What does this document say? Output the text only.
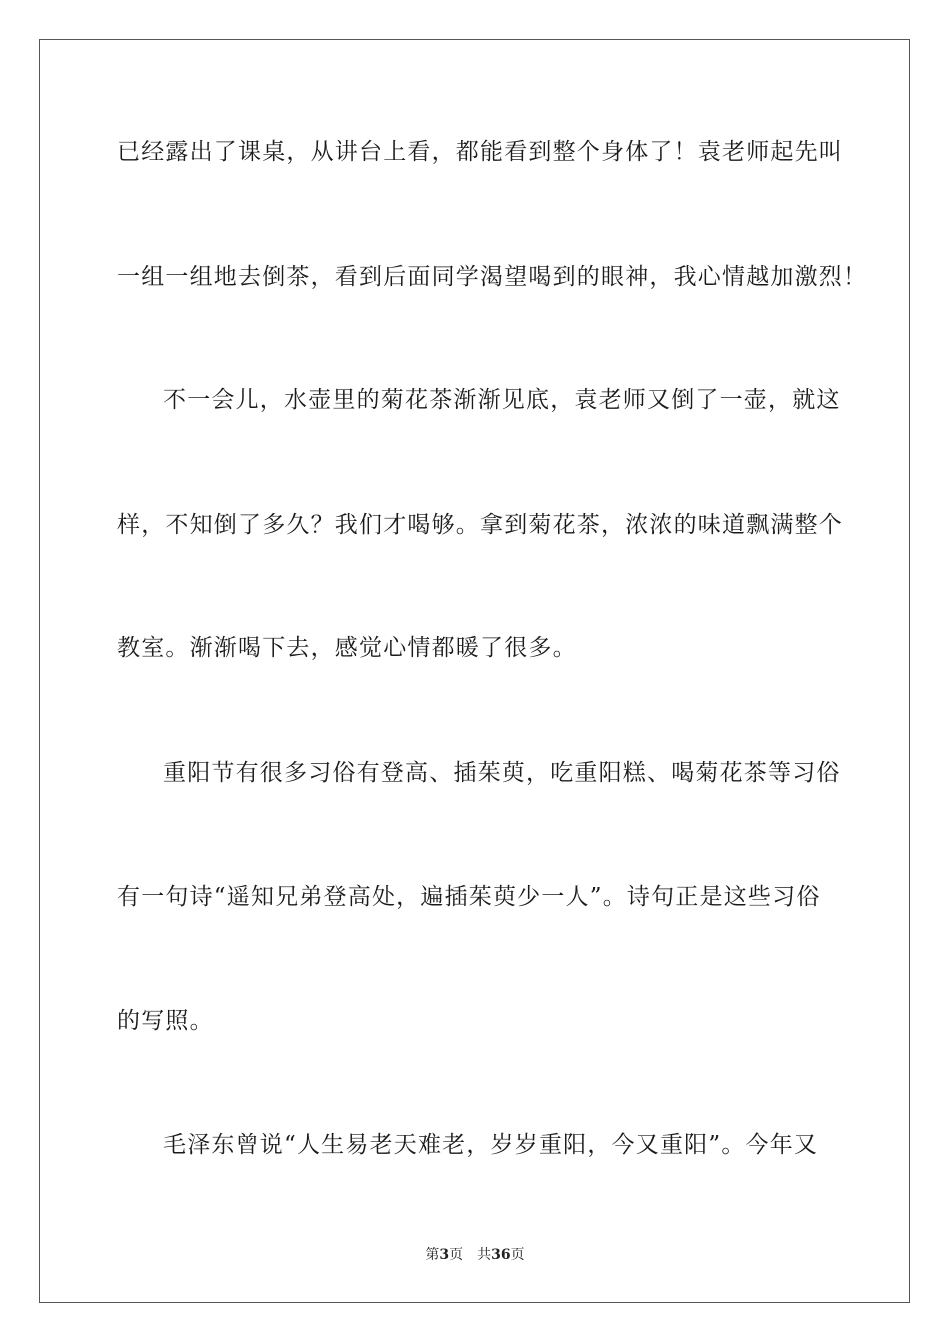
已经露出了课桌，从讲台上看，都能看到整个身体了！袁老师起先叫
一组一组地去倒茶，看到后面同学渴望喝到的眼神，我心情越加激烈！
不一会儿，水壶里的菊花茶渐渐见底，袁老师又倒了一壶，就这
样，不知倒了多久？我们才喝够。拿到菊花茶，浓浓的味道飘满整个
教室。渐渐喝下去，感觉心情都暖了很多。
重阳节有很多习俗有登高、插茱萸，吃重阳糕、喝菊花茶等习俗
有一句诗“遥知兄弟登高处，遍插茱萸少一人”。诗句正是这些习俗
的写照。
毛泽东曾说“人生易老天难老，岁岁重阳，今又重阳”。今年又
第3页 共36页
